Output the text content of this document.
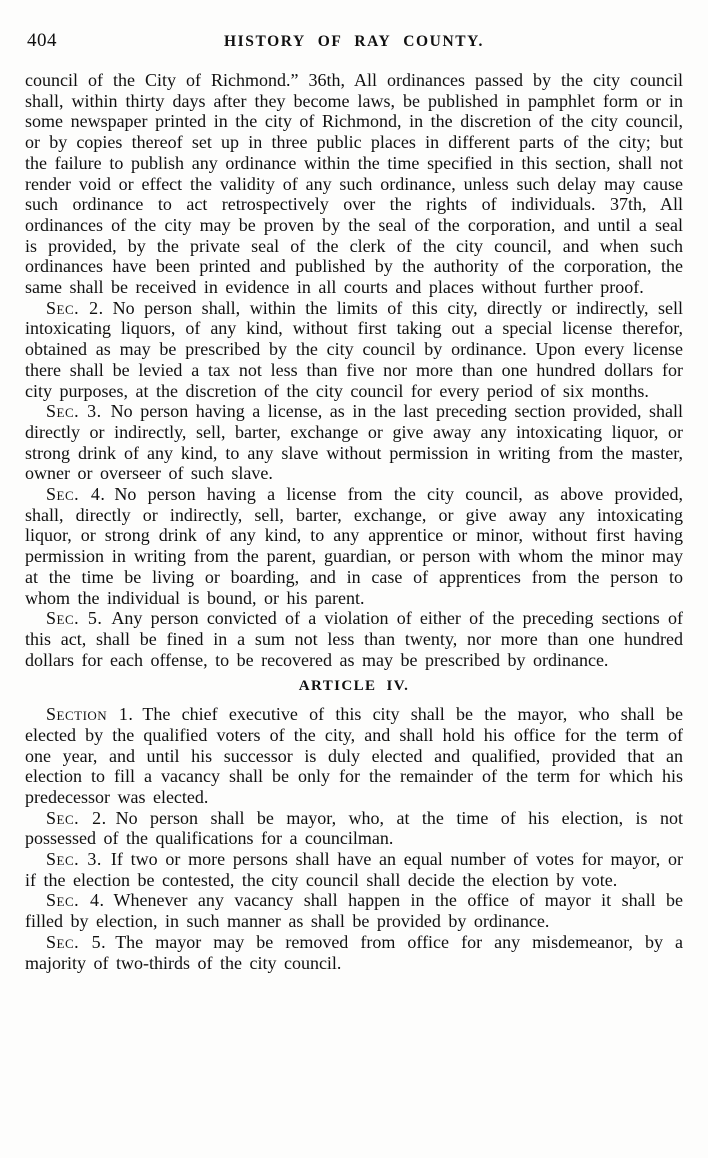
404	HISTORY OF RAY COUNTY.

council of the City of Richmond.” 36th, All ordinances passed by the city council shall, within thirty days after they become laws, be published in pamphlet form or in some newspaper printed in the city of Richmond, in the discretion of the city council, or by copies thereof set up in three public places in different parts of the city; but the failure to publish any ordinance within the time specified in this section, shall not render void or effect the validity of any such ordinance, unless such delay may cause such ordinance to act retrospectively over the rights of individuals. 37th, All ordinances of the city may be proven by the seal of the corporation, and until a seal is provided, by the private seal of the clerk of the city council, and when such ordinances have been printed and published by the authority of the corporation, the same shall be received in evidence in all courts and places without further proof.

Sec. 2. No person shall, within the limits of this city, directly or indirectly, sell intoxicating liquors, of any kind, without first taking out a special license therefor, obtained as may be prescribed by the city council by ordinance. Upon every license there shall be levied a tax not less than five nor more than one hundred dollars for city purposes, at the discretion of the city council for every period of six months.

Sec. 3. No person having a license, as in the last preceding section provided, shall directly or indirectly, sell, barter, exchange or give away any intoxicating liquor, or strong drink of any kind, to any slave without permission in writing from the master, owner or overseer of such slave.

Sec. 4. No person having a license from the city council, as above provided, shall, directly or indirectly, sell, barter, exchange, or give away any intoxicating liquor, or strong drink of any kind, to any apprentice or minor, without first having permission in writing from the parent, guardian, or person with whom the minor may at the time be living or boarding, and in case of apprentices from the person to whom the individual is bound, or his parent.

Sec. 5. Any person convicted of a violation of either of the preceding sections of this act, shall be fined in a sum not less than twenty, nor more than one hundred dollars for each offense, to be recovered as may be prescribed by ordinance.

ARTICLE IV.

Section 1. The chief executive of this city shall be the mayor, who shall be elected by the qualified voters of the city, and shall hold his office for the term of one year, and until his successor is duly elected and qualified, provided that an election to fill a vacancy shall be only for the remainder of the term for which his predecessor was elected.

Sec. 2. No person shall be mayor, who, at the time of his election, is not possessed of the qualifications for a councilman.

Sec. 3. If two or more persons shall have an equal number of votes for mayor, or if the election be contested, the city council shall decide the election by vote.

Sec. 4. Whenever any vacancy shall happen in the office of mayor it shall be filled by election, in such manner as shall be provided by ordinance.

Sec. 5. The mayor may be removed from office for any misdemeanor, by a majority of two-thirds of the city council.
